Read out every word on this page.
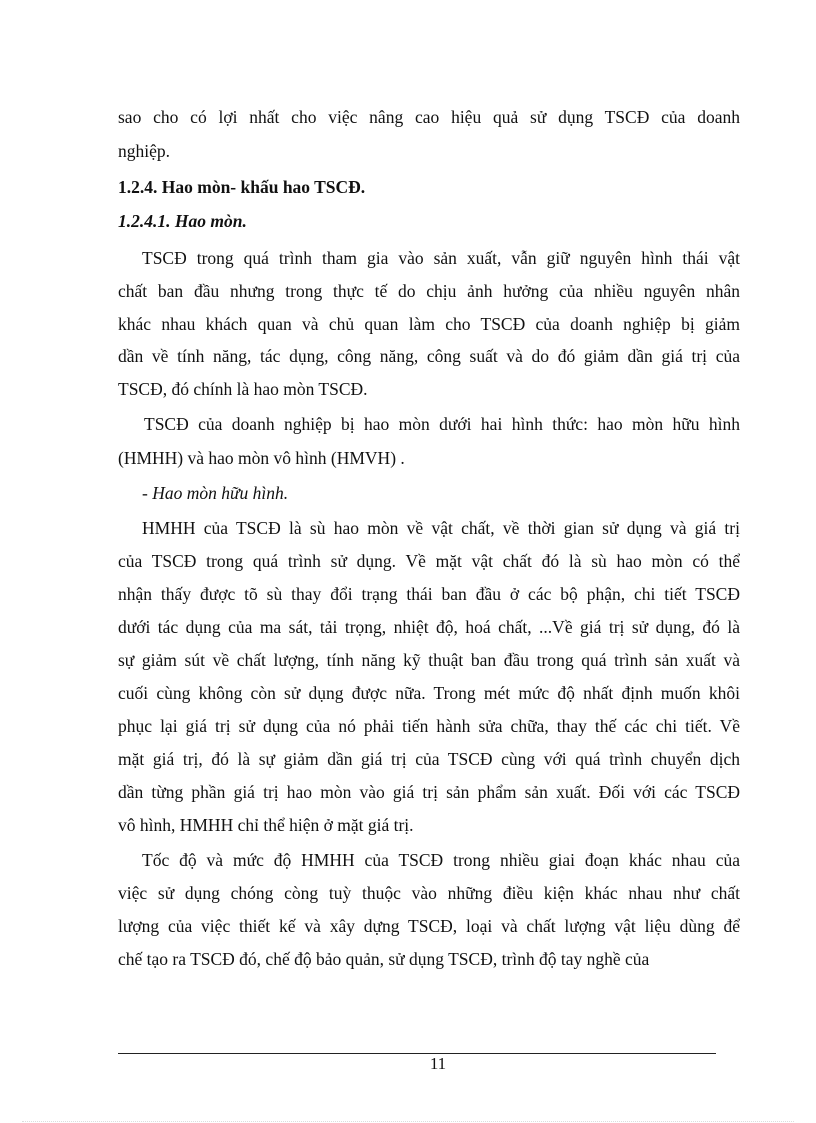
sao cho có lợi nhất cho việc nâng cao hiệu quả sử dụng TSCĐ của doanh
nghiệp.
1.2.4. Hao mòn- khấu hao TSCĐ.
1.2.4.1. Hao mòn.
TSCĐ trong quá trình tham gia vào sản xuất, vẫn giữ nguyên hình thái vật
chất ban đầu nhưng trong thực tế do chịu ảnh hưởng của nhiều nguyên nhân
khác nhau khách quan và chủ quan làm cho TSCĐ của doanh nghiệp bị giảm
dần về tính năng, tác dụng, công năng, công suất và do đó giảm dần giá trị của
TSCĐ, đó chính là hao mòn TSCĐ.
TSCĐ của doanh nghiệp bị hao mòn dưới hai hình thức: hao mòn hữu hình
(HMHH) và hao mòn vô hình (HMVH) .
- Hao mòn hữu hình.
HMHH của TSCĐ là sù hao mòn về vật chất, về thời gian sử dụng và giá trị
của TSCĐ trong quá trình sử dụng. Về mặt vật chất đó là sù hao mòn có thể
nhận thấy được tõ sù thay đổi trạng thái ban đầu ở các bộ phận, chi tiết TSCĐ
dưới tác dụng của ma sát, tải trọng, nhiệt độ, hoá chất, ...Về giá trị sử dụng, đó là
sự giảm sút về chất lượng, tính năng kỹ thuật ban đầu trong quá trình sản xuất và
cuối cùng không còn sử dụng được nữa. Trong mét mức độ nhất định muốn khôi
phục lại giá trị sử dụng của nó phải tiến hành sửa chữa, thay thế các chi tiết. Về
mặt giá trị, đó là sự giảm dần giá trị của TSCĐ cùng với quá trình chuyển dịch
dần từng phần giá trị hao mòn vào giá trị sản phẩm sản xuất. Đối với các TSCĐ
vô hình, HMHH chỉ thể hiện ở mặt giá trị.
Tốc độ và mức độ HMHH của TSCĐ trong nhiều giai đoạn khác nhau của
việc sử dụng chóng còng tuỳ thuộc vào những điều kiện khác nhau như chất
lượng của việc thiết kế và xây dựng TSCĐ, loại và chất lượng vật liệu dùng để
chế tạo ra TSCĐ đó, chế độ bảo quản, sử dụng TSCĐ, trình độ tay nghề của
11
